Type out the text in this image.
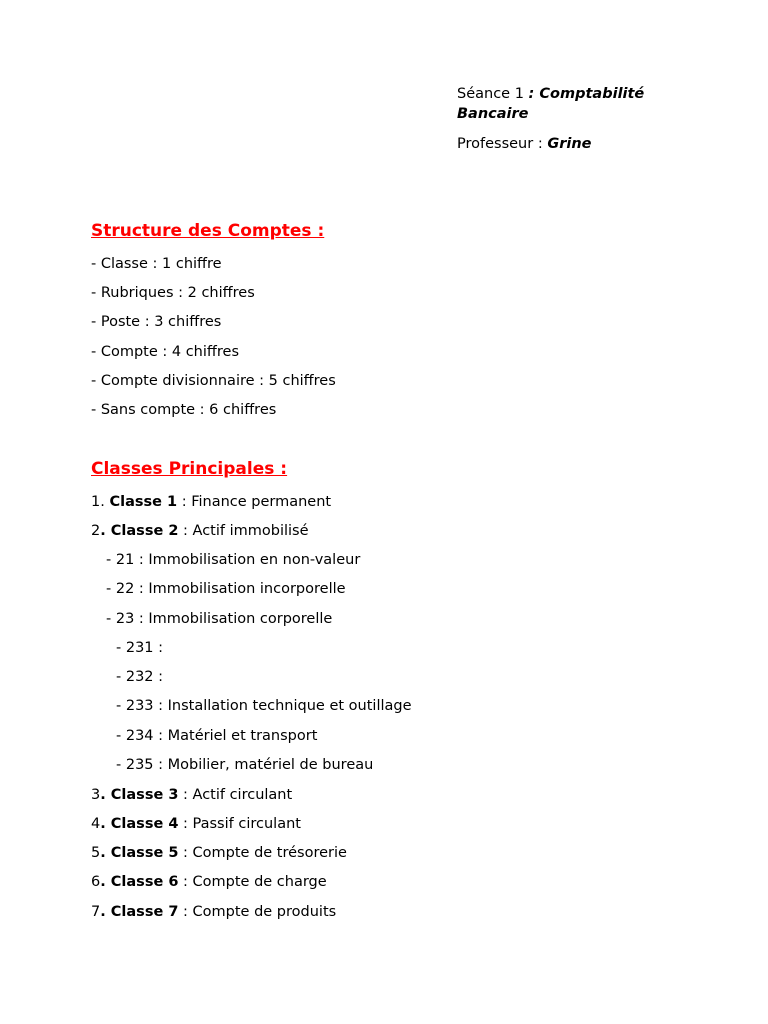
Séance 1 : Comptabilité
Bancaire

Professeur : Grine

Structure des Comptes :
- Classe : 1 chiffre
- Rubriques : 2 chiffres
- Poste : 3 chiffres
- Compte : 4 chiffres
- Compte divisionnaire : 5 chiffres
- Sans compte : 6 chiffres
Classes Principales :
1. Classe 1 : Finance permanent
2. Classe 2 : Actif immobilisé
- 21 : Immobilisation en non-valeur
- 22 : Immobilisation incorporelle
- 23 : Immobilisation corporelle
- 231 :
- 232 :
- 233 : Installation technique et outillage
- 234 : Matériel et transport
- 235 : Mobilier, matériel de bureau
3. Classe 3 : Actif circulant
4. Classe 4 : Passif circulant
5. Classe 5 : Compte de trésorerie
6. Classe 6 : Compte de charge
7. Classe 7 : Compte de produits
